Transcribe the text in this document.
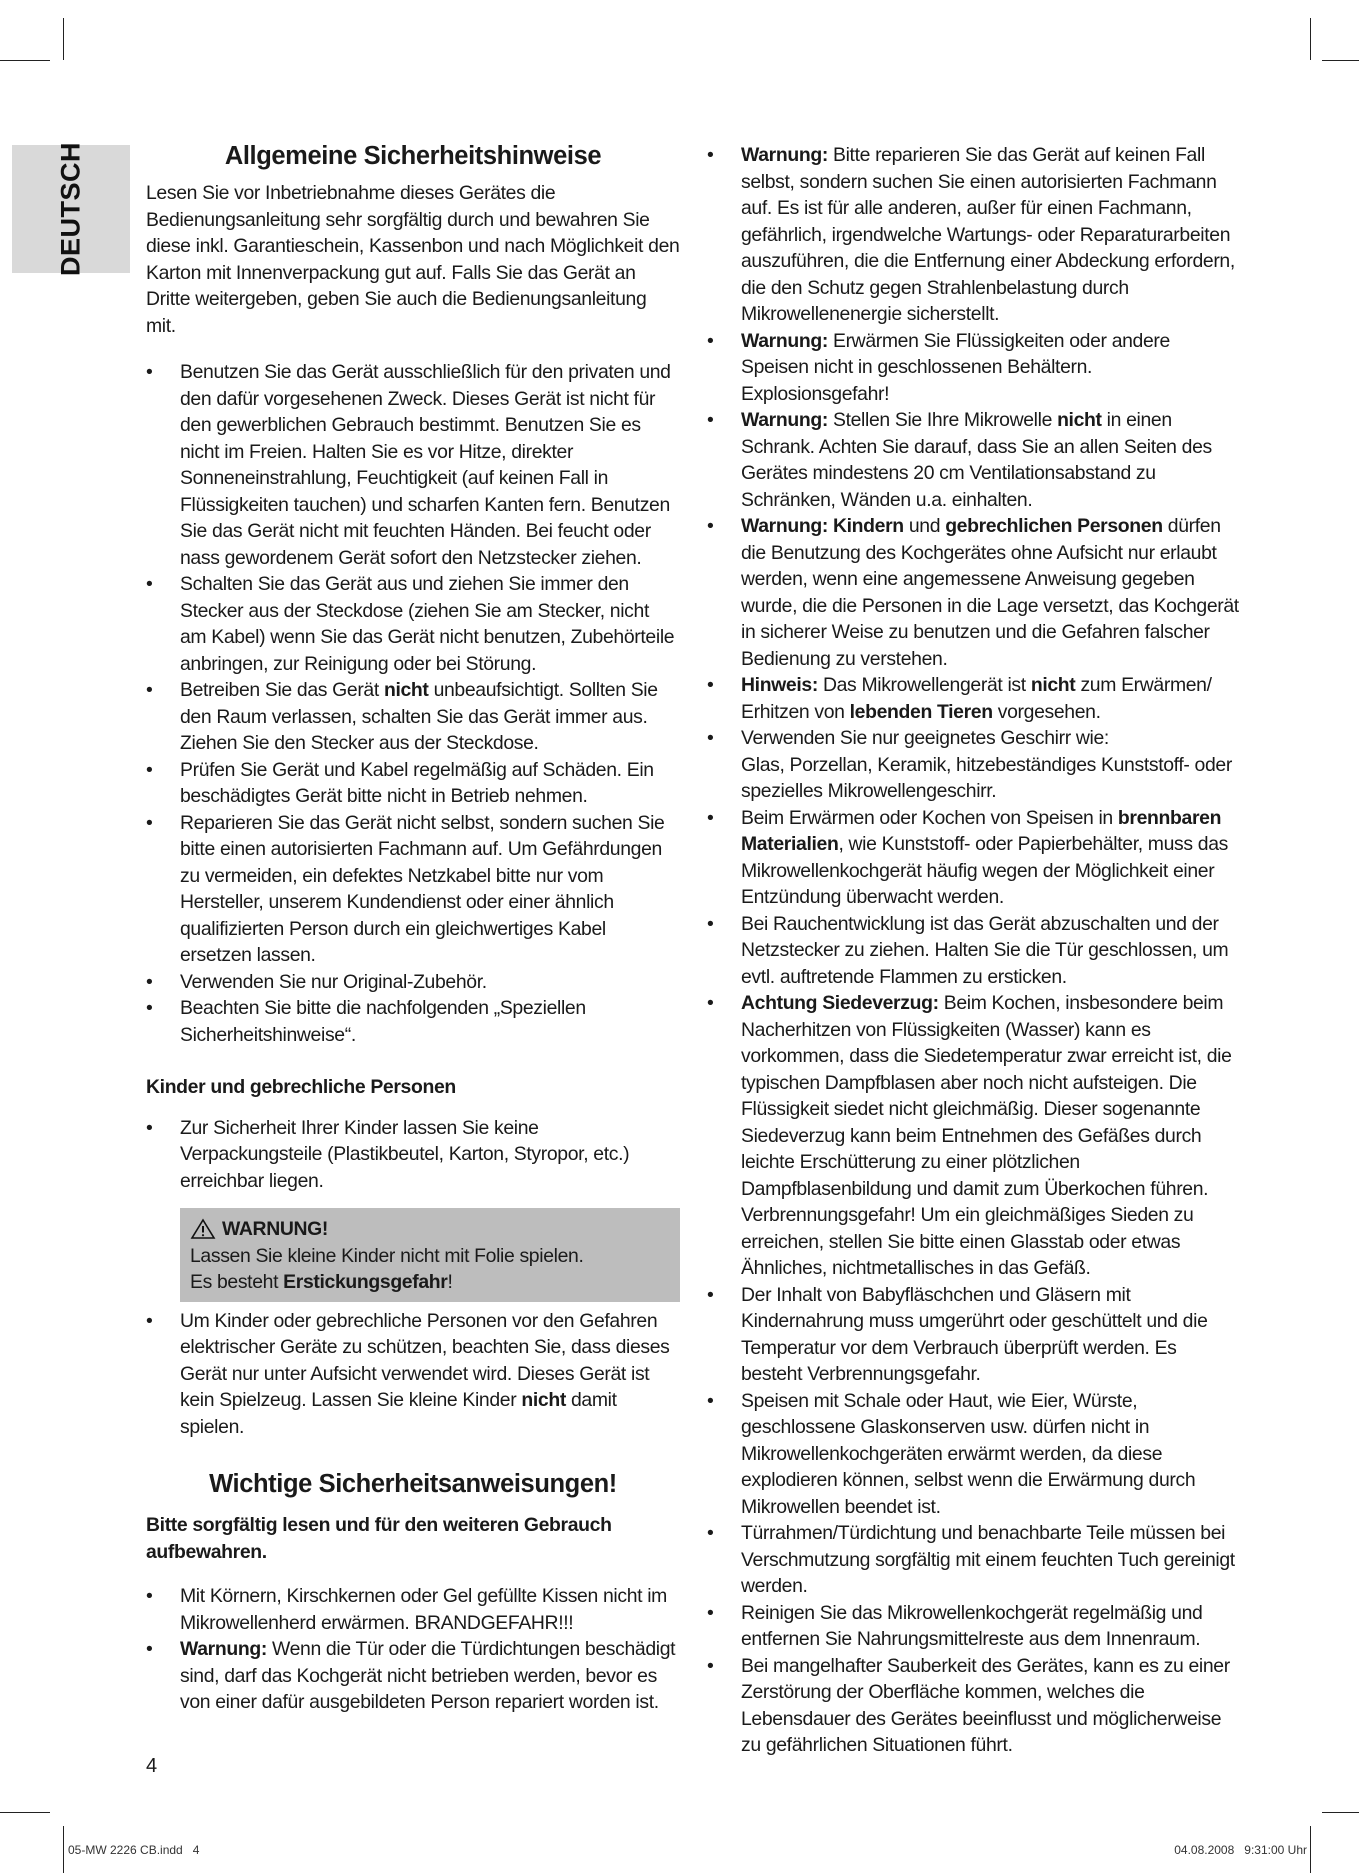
DEUTSCH	Allgemeine Sicherheitshinweise

Lesen Sie vor Inbetriebnahme dieses Gerätes die Bedienungsanleitung sehr sorgfältig durch und bewahren Sie diese inkl. Garantieschein, Kassenbon und nach Möglichkeit den Karton mit Innenverpackung gut auf. Falls Sie das Gerät an Dritte weitergeben, geben Sie auch die Bedienungsanleitung mit.

• Benutzen Sie das Gerät ausschließlich für den privaten und den dafür vorgesehenen Zweck. Dieses Gerät ist nicht für den gewerblichen Gebrauch bestimmt. Benutzen Sie es nicht im Freien. Halten Sie es vor Hitze, direkter Sonneneinstrahlung, Feuchtigkeit (auf keinen Fall in Flüssigkeiten tauchen) und scharfen Kanten fern. Benutzen Sie das Gerät nicht mit feuchten Händen. Bei feucht oder nass gewordenem Gerät sofort den Netzstecker ziehen.
• Schalten Sie das Gerät aus und ziehen Sie immer den Stecker aus der Steckdose (ziehen Sie am Stecker, nicht am Kabel) wenn Sie das Gerät nicht benutzen, Zubehörteile anbringen, zur Reinigung oder bei Störung.
• Betreiben Sie das Gerät nicht unbeaufsichtigt. Sollten Sie den Raum verlassen, schalten Sie das Gerät immer aus. Ziehen Sie den Stecker aus der Steckdose.
• Prüfen Sie Gerät und Kabel regelmäßig auf Schäden. Ein beschädigtes Gerät bitte nicht in Betrieb nehmen.
• Reparieren Sie das Gerät nicht selbst, sondern suchen Sie bitte einen autorisierten Fachmann auf. Um Gefährdungen zu vermeiden, ein defektes Netzkabel bitte nur vom Hersteller, unserem Kundendienst oder einer ähnlich qualifizierten Person durch ein gleichwertiges Kabel ersetzen lassen.
• Verwenden Sie nur Original-Zubehör.
• Beachten Sie bitte die nachfolgenden „Speziellen Sicherheitshinweise“.
Kinder und gebrechliche Personen
• Zur Sicherheit Ihrer Kinder lassen Sie keine Verpackungsteile (Plastikbeutel, Karton, Styropor, etc.) erreichbar liegen.
WARNUNG!
Lassen Sie kleine Kinder nicht mit Folie spielen.
Es besteht Erstickungsgefahr!
• Um Kinder oder gebrechliche Personen vor den Gefahren elektrischer Geräte zu schützen, beachten Sie, dass dieses Gerät nur unter Aufsicht verwendet wird. Dieses Gerät ist kein Spielzeug. Lassen Sie kleine Kinder nicht damit spielen.
Wichtige Sicherheitsanweisungen!
Bitte sorgfältig lesen und für den weiteren Gebrauch aufbewahren.
• Mit Körnern, Kirschkernen oder Gel gefüllte Kissen nicht im Mikrowellenherd erwärmen. BRANDGEFAHR!!!
• Warnung: Wenn die Tür oder die Türdichtungen beschädigt sind, darf das Kochgerät nicht betrieben werden, bevor es von einer dafür ausgebildeten Person repariert worden ist.
• Warnung: Bitte reparieren Sie das Gerät auf keinen Fall selbst, sondern suchen Sie einen autorisierten Fachmann auf. Es ist für alle anderen, außer für einen Fachmann, gefährlich, irgendwelche Wartungs- oder Reparaturarbeiten auszuführen, die die Entfernung einer Abdeckung erfordern, die den Schutz gegen Strahlenbelastung durch Mikrowellenenergie sicherstellt.
• Warnung: Erwärmen Sie Flüssigkeiten oder andere Speisen nicht in geschlossenen Behältern. Explosionsgefahr!
• Warnung: Stellen Sie Ihre Mikrowelle nicht in einen Schrank. Achten Sie darauf, dass Sie an allen Seiten des Gerätes mindestens 20 cm Ventilationsabstand zu Schränken, Wänden u.a. einhalten.
• Warnung: Kindern und gebrechlichen Personen dürfen die Benutzung des Kochgerätes ohne Aufsicht nur erlaubt werden, wenn eine angemessene Anweisung gegeben wurde, die die Personen in die Lage versetzt, das Kochgerät in sicherer Weise zu benutzen und die Gefahren falscher Bedienung zu verstehen.
• Hinweis: Das Mikrowellengerät ist nicht zum Erwärmen/ Erhitzen von lebenden Tieren vorgesehen.
• Verwenden Sie nur geeignetes Geschirr wie:
Glas, Porzellan, Keramik, hitzebeständiges Kunststoff- oder spezielles Mikrowellengeschirr.
• Beim Erwärmen oder Kochen von Speisen in brennbaren Materialien, wie Kunststoff- oder Papierbehälter, muss das Mikrowellenkochgerät häufig wegen der Möglichkeit einer Entzündung überwacht werden.
• Bei Rauchentwicklung ist das Gerät abzuschalten und der Netzstecker zu ziehen. Halten Sie die Tür geschlossen, um evtl. auftretende Flammen zu ersticken.
• Achtung Siedeverzug: Beim Kochen, insbesondere beim Nacherhitzen von Flüssigkeiten (Wasser) kann es vorkommen, dass die Siedetemperatur zwar erreicht ist, die typischen Dampfblasen aber noch nicht aufsteigen. Die Flüssigkeit siedet nicht gleichmäßig. Dieser sogenannte Siedeverzug kann beim Entnehmen des Gefäßes durch leichte Erschütterung zu einer plötzlichen Dampfblasenbildung und damit zum Überkochen führen. Verbrennungsgefahr! Um ein gleichmäßiges Sieden zu erreichen, stellen Sie bitte einen Glasstab oder etwas Ähnliches, nichtmetallisches in das Gefäß.
• Der Inhalt von Babyfläschchen und Gläsern mit Kindernahrung muss umgerührt oder geschüttelt und die Temperatur vor dem Verbrauch überprüft werden. Es besteht Verbrennungsgefahr.
• Speisen mit Schale oder Haut, wie Eier, Würste, geschlossene Glaskonserven usw. dürfen nicht in Mikrowellenkochgeräten erwärmt werden, da diese explodieren können, selbst wenn die Erwärmung durch Mikrowellen beendet ist.
• Türrahmen/Türdichtung und benachbarte Teile müssen bei Verschmutzung sorgfältig mit einem feuchten Tuch gereinigt werden.
• Reinigen Sie das Mikrowellenkochgerät regelmäßig und entfernen Sie Nahrungsmittelreste aus dem Innenraum.
• Bei mangelhafter Sauberkeit des Gerätes, kann es zu einer Zerstörung der Oberfläche kommen, welches die Lebensdauer des Gerätes beeinflusst und möglicherweise zu gefährlichen Situationen führt.
4
05-MW 2226 CB.indd   4	04.08.2008   9:31:00 Uhr
